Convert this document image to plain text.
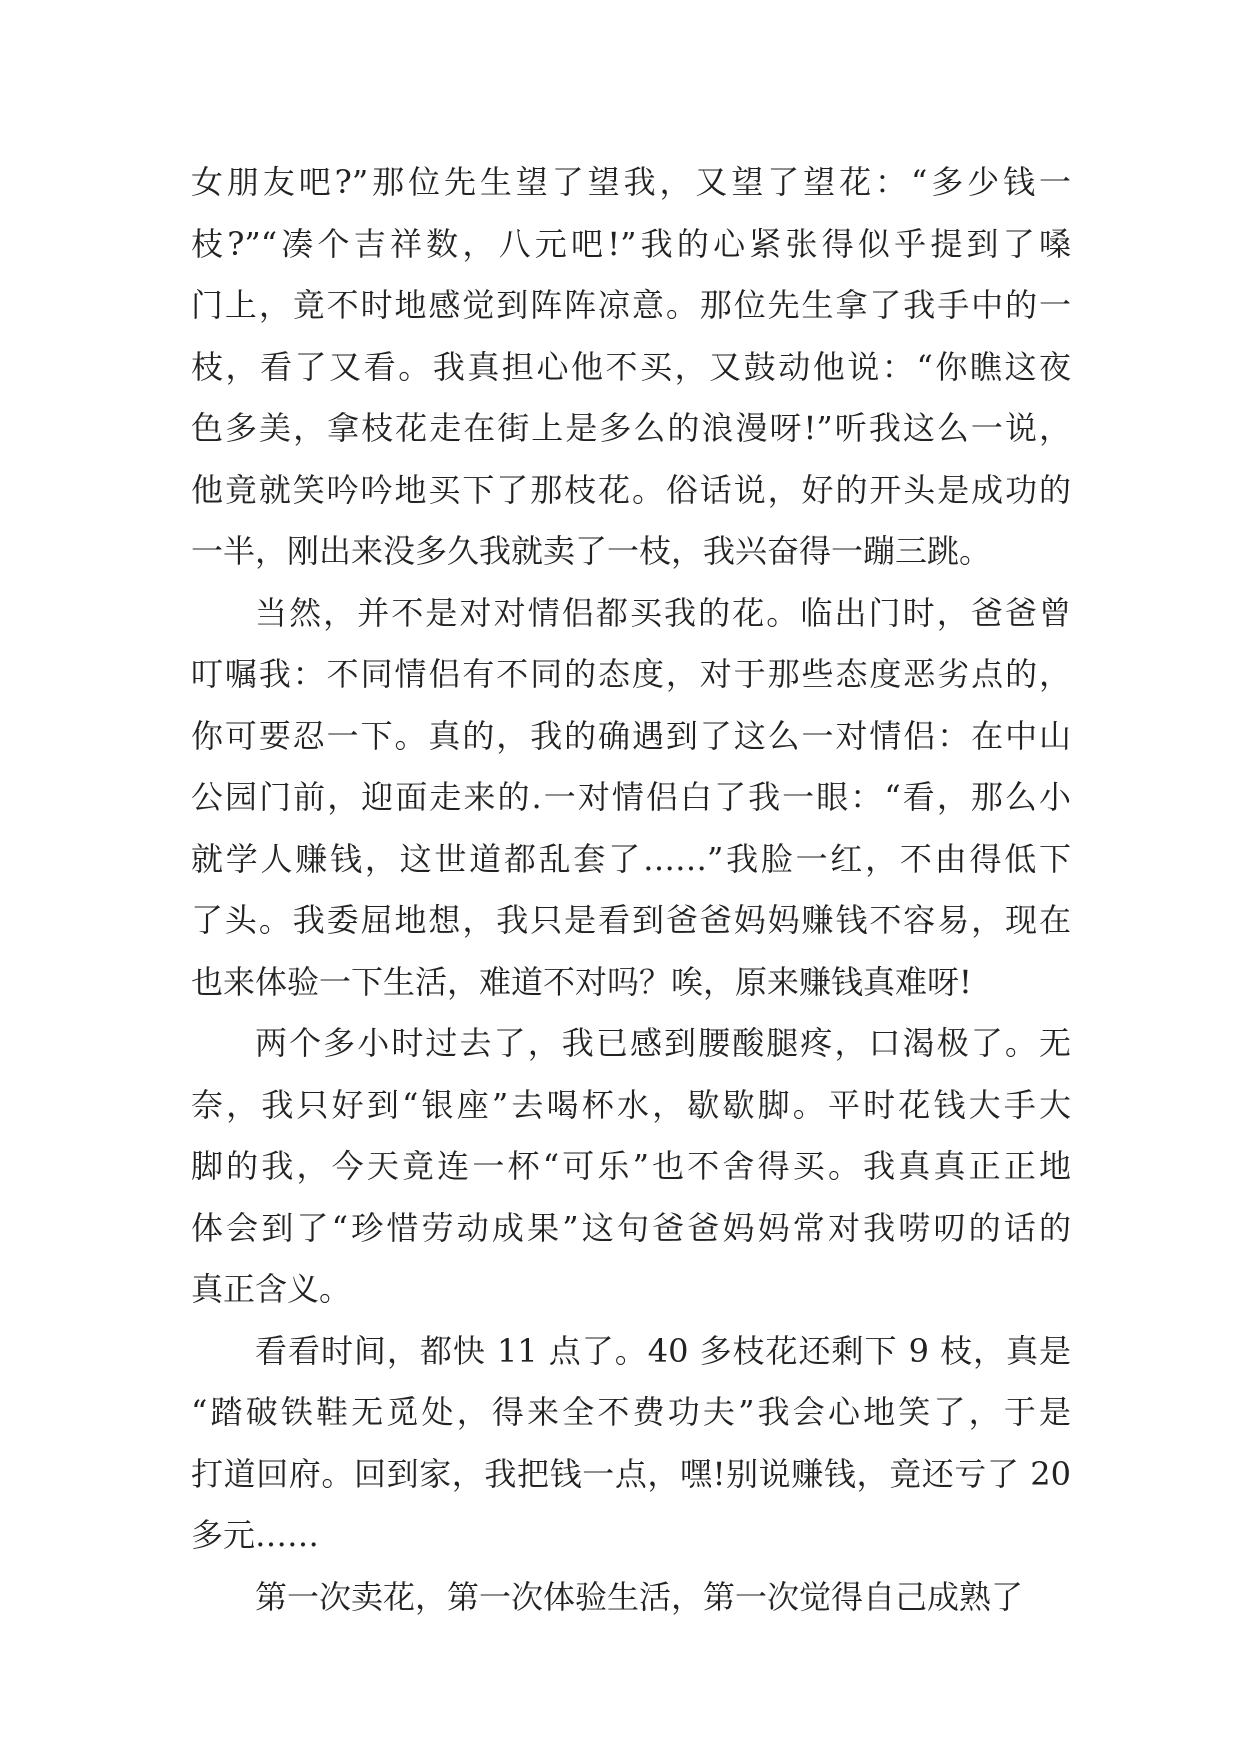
女朋友吧?”那位先生望了望我，又望了望花：“多少钱一
枝?”“凑个吉祥数，八元吧!”我的心紧张得似乎提到了嗓
门上，竟不时地感觉到阵阵凉意。那位先生拿了我手中的一
枝，看了又看。我真担心他不买，又鼓动他说：“你瞧这夜
色多美，拿枝花走在街上是多么的浪漫呀!”听我这么一说，
他竟就笑吟吟地买下了那枝花。俗话说，好的开头是成功的
一半，刚出来没多久我就卖了一枝，我兴奋得一蹦三跳。
当然，并不是对对情侣都买我的花。临出门时，爸爸曾
叮嘱我：不同情侣有不同的态度，对于那些态度恶劣点的，
你可要忍一下。真的，我的确遇到了这么一对情侣：在中山
公园门前，迎面走来的.一对情侣白了我一眼：“看，那么小
就学人赚钱，这世道都乱套了……”我脸一红，不由得低下
了头。我委屈地想，我只是看到爸爸妈妈赚钱不容易，现在
也来体验一下生活，难道不对吗？唉，原来赚钱真难呀!
两个多小时过去了，我已感到腰酸腿疼，口渴极了。无
奈，我只好到“银座”去喝杯水，歇歇脚。平时花钱大手大
脚的我，今天竟连一杯“可乐”也不舍得买。我真真正正地
体会到了“珍惜劳动成果”这句爸爸妈妈常对我唠叨的话的
真正含义。
看看时间，都快 11 点了。40 多枝花还剩下 9 枝，真是
“踏破铁鞋无觅处，得来全不费功夫”我会心地笑了，于是
打道回府。回到家，我把钱一点，嘿!别说赚钱，竟还亏了 20
多元……
第一次卖花，第一次体验生活，第一次觉得自己成熟了
